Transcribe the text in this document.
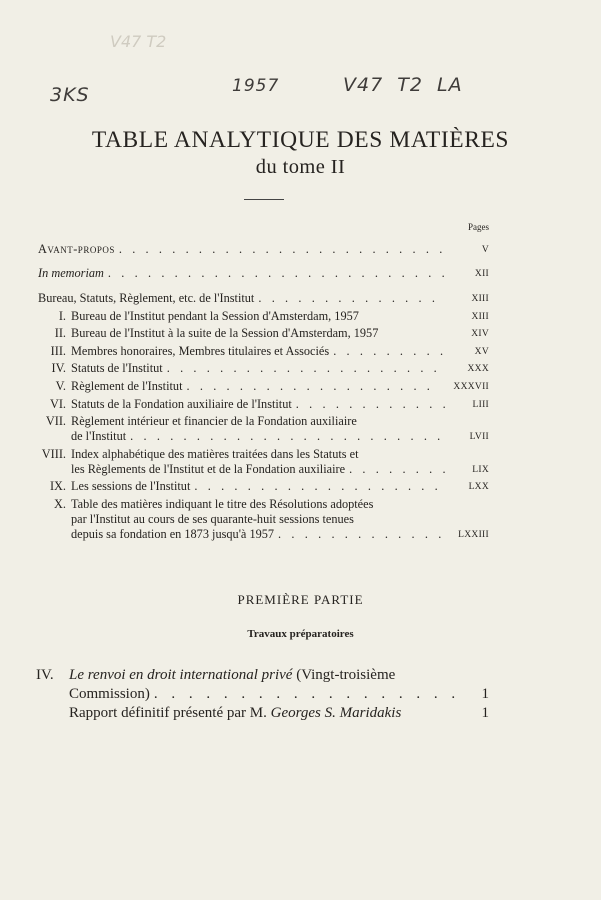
V47 T2
3KS	1957	V47  T2  LA
TABLE ANALYTIQUE DES MATIÈRES
du tome II
Pages
Avant-propos . . .	V
In memoriam . . .	XII
Bureau, Statuts, Règlement, etc. de l'Institut . . .	XIII
I. Bureau de l'Institut pendant la Session d'Amsterdam, 1957	XIII
II. Bureau de l'Institut à la suite de la Session d'Amsterdam, 1957	XIV
III. Membres honoraires, Membres titulaires et Associés . . .	XV
IV. Statuts de l'Institut . . .	XXX
V. Règlement de l'Institut . . .	XXXVII
VI. Statuts de la Fondation auxiliaire de l'Institut . . .	LIII
VII. Règlement intérieur et financier de la Fondation auxiliaire
de l'Institut . . .	LVII
VIII. Index alphabétique des matières traitées dans les Statuts et
les Règlements de l'Institut et de la Fondation auxiliaire . . .	LIX
IX. Les sessions de l'Institut . . .	LXX
X. Table des matières indiquant le titre des Résolutions adoptées
par l'Institut au cours de ses quarante-huit sessions tenues
depuis sa fondation en 1873 jusqu'à 1957 . . .	LXXIII
PREMIÈRE PARTIE
Travaux préparatoires
IV. Le renvoi en droit international privé (Vingt-troisième
Commission) . . .	1
Rapport définitif présenté par M. Georges S. Maridakis	1
